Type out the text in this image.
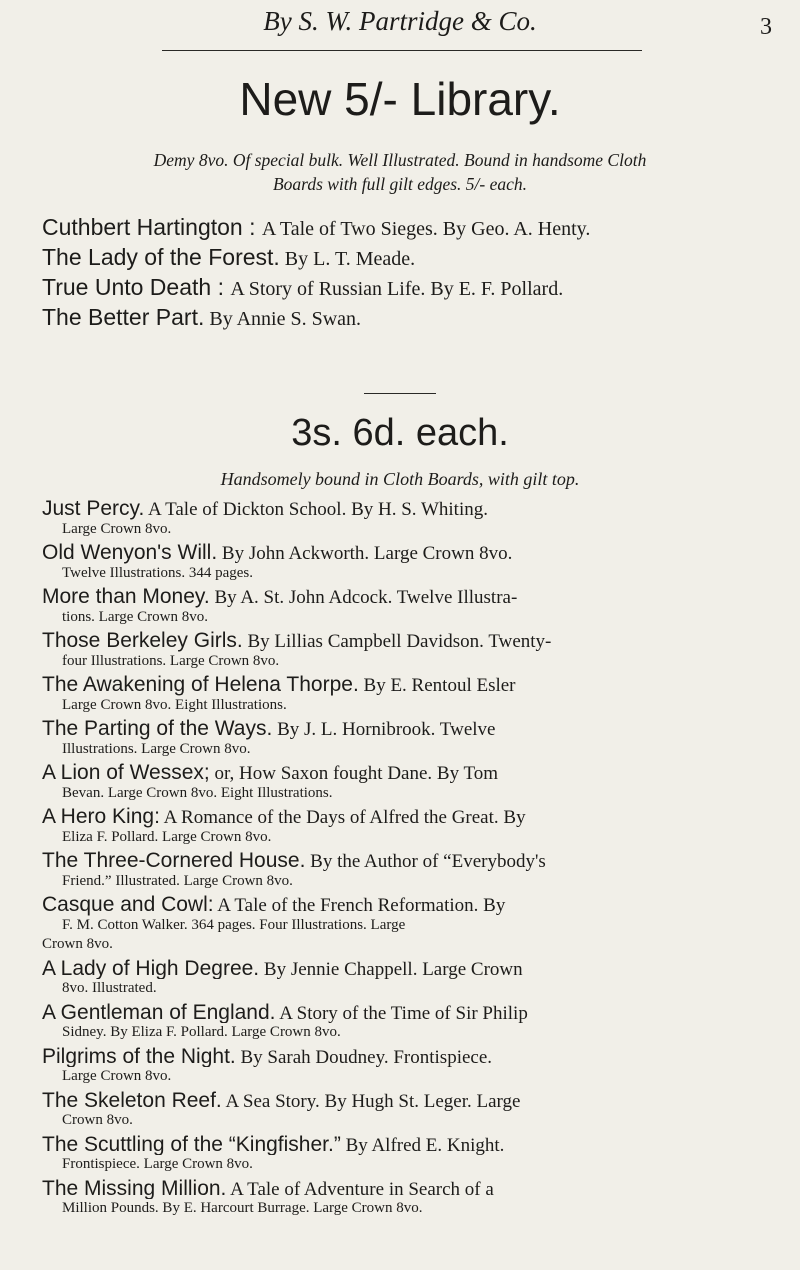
By S. W. Partridge & Co.	3
New 5/- Library.
Demy 8vo. Of special bulk. Well Illustrated. Bound in handsome Cloth
Boards with full gilt edges. 5/- each.
Cuthbert Hartington : A Tale of Two Sieges. By Geo. A. Henty.
The Lady of the Forest. By L. T. Meade.
True Unto Death : A Story of Russian Life. By E. F. Pollard.
The Better Part. By Annie S. Swan.
3s. 6d. each.
Handsomely bound in Cloth Boards, with gilt top.
Just Percy. A Tale of Dickton School. By H. S. Whiting.
Large Crown 8vo.
Old Wenyon's Will. By John Ackworth. Large Crown 8vo.
Twelve Illustrations. 344 pages.
More than Money. By A. St. John Adcock. Twelve Illustra-
tions. Large Crown 8vo.
Those Berkeley Girls. By Lillias Campbell Davidson. Twenty-
four Illustrations. Large Crown 8vo.
The Awakening of Helena Thorpe. By E. Rentoul Esler
Large Crown 8vo. Eight Illustrations.
The Parting of the Ways. By J. L. Hornibrook. Twelve
Illustrations. Large Crown 8vo.
A Lion of Wessex; or, How Saxon fought Dane. By Tom
Bevan. Large Crown 8vo. Eight Illustrations.
A Hero King: A Romance of the Days of Alfred the Great. By
Eliza F. Pollard. Large Crown 8vo.
The Three-Cornered House. By the Author of “Everybody's
Friend.” Illustrated. Large Crown 8vo.
Casque and Cowl: A Tale of the French Reformation. By
F. M. Cotton Walker. 364 pages. Four Illustrations. Large
Crown 8vo.
A Lady of High Degree. By Jennie Chappell. Large Crown
8vo. Illustrated.
A Gentleman of England. A Story of the Time of Sir Philip
Sidney. By Eliza F. Pollard. Large Crown 8vo.
Pilgrims of the Night. By Sarah Doudney. Frontispiece.
Large Crown 8vo.
The Skeleton Reef. A Sea Story. By Hugh St. Leger. Large
Crown 8vo.
The Scuttling of the “Kingfisher.” By Alfred E. Knight.
Frontispiece. Large Crown 8vo.
The Missing Million. A Tale of Adventure in Search of a
Million Pounds. By E. Harcourt Burrage. Large Crown 8vo.
